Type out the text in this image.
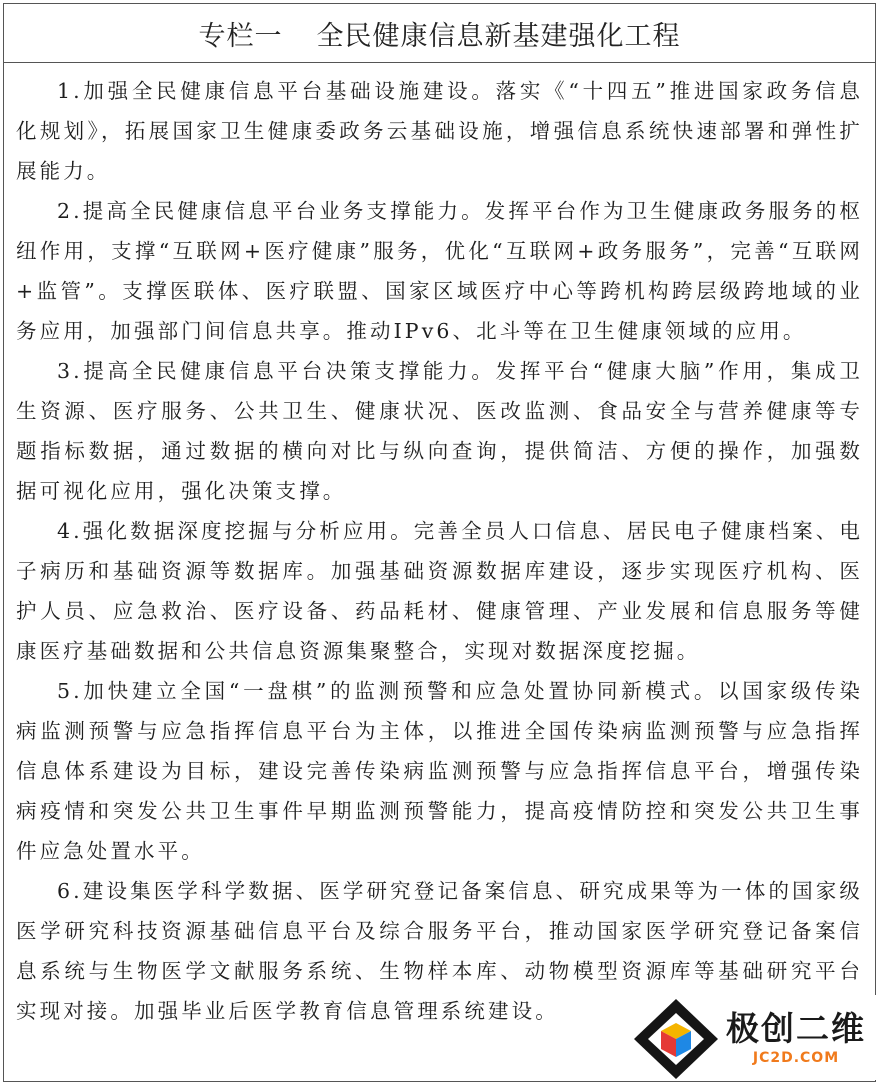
专栏一 全民健康信息新基建强化工程

1.加强全民健康信息平台基础设施建设。落实《“十四五”推进国家政务信息化规划》，拓展国家卫生健康委政务云基础设施，增强信息系统快速部署和弹性扩展能力。

2.提高全民健康信息平台业务支撑能力。发挥平台作为卫生健康政务服务的枢纽作用，支撑“互联网+医疗健康”服务，优化“互联网+政务服务”，完善“互联网+监管”。支撑医联体、医疗联盟、国家区域医疗中心等跨机构跨层级跨地域的业务应用，加强部门间信息共享。推动IPv6、北斗等在卫生健康领域的应用。

3.提高全民健康信息平台决策支撑能力。发挥平台“健康大脑”作用，集成卫生资源、医疗服务、公共卫生、健康状况、医改监测、食品安全与营养健康等专题指标数据，通过数据的横向对比与纵向查询，提供简洁、方便的操作，加强数据可视化应用，强化决策支撑。

4.强化数据深度挖掘与分析应用。完善全员人口信息、居民电子健康档案、电子病历和基础资源等数据库。加强基础资源数据库建设，逐步实现医疗机构、医护人员、应急救治、医疗设备、药品耗材、健康管理、产业发展和信息服务等健康医疗基础数据和公共信息资源集聚整合，实现对数据深度挖掘。

5.加快建立全国“一盘棋”的监测预警和应急处置协同新模式。以国家级传染病监测预警与应急指挥信息平台为主体，以推进全国传染病监测预警与应急指挥信息体系建设为目标，建设完善传染病监测预警与应急指挥信息平台，增强传染病疫情和突发公共卫生事件早期监测预警能力，提高疫情防控和突发公共卫生事件应急处置水平。

6.建设集医学科学数据、医学研究登记备案信息、研究成果等为一体的国家级医学研究科技资源基础信息平台及综合服务平台，推动国家医学研究登记备案信息系统与生物医学文献服务系统、生物样本库、动物模型资源库等基础研究平台实现对接。加强毕业后医学教育信息管理系统建设。	极创二维
JC2D.COM
